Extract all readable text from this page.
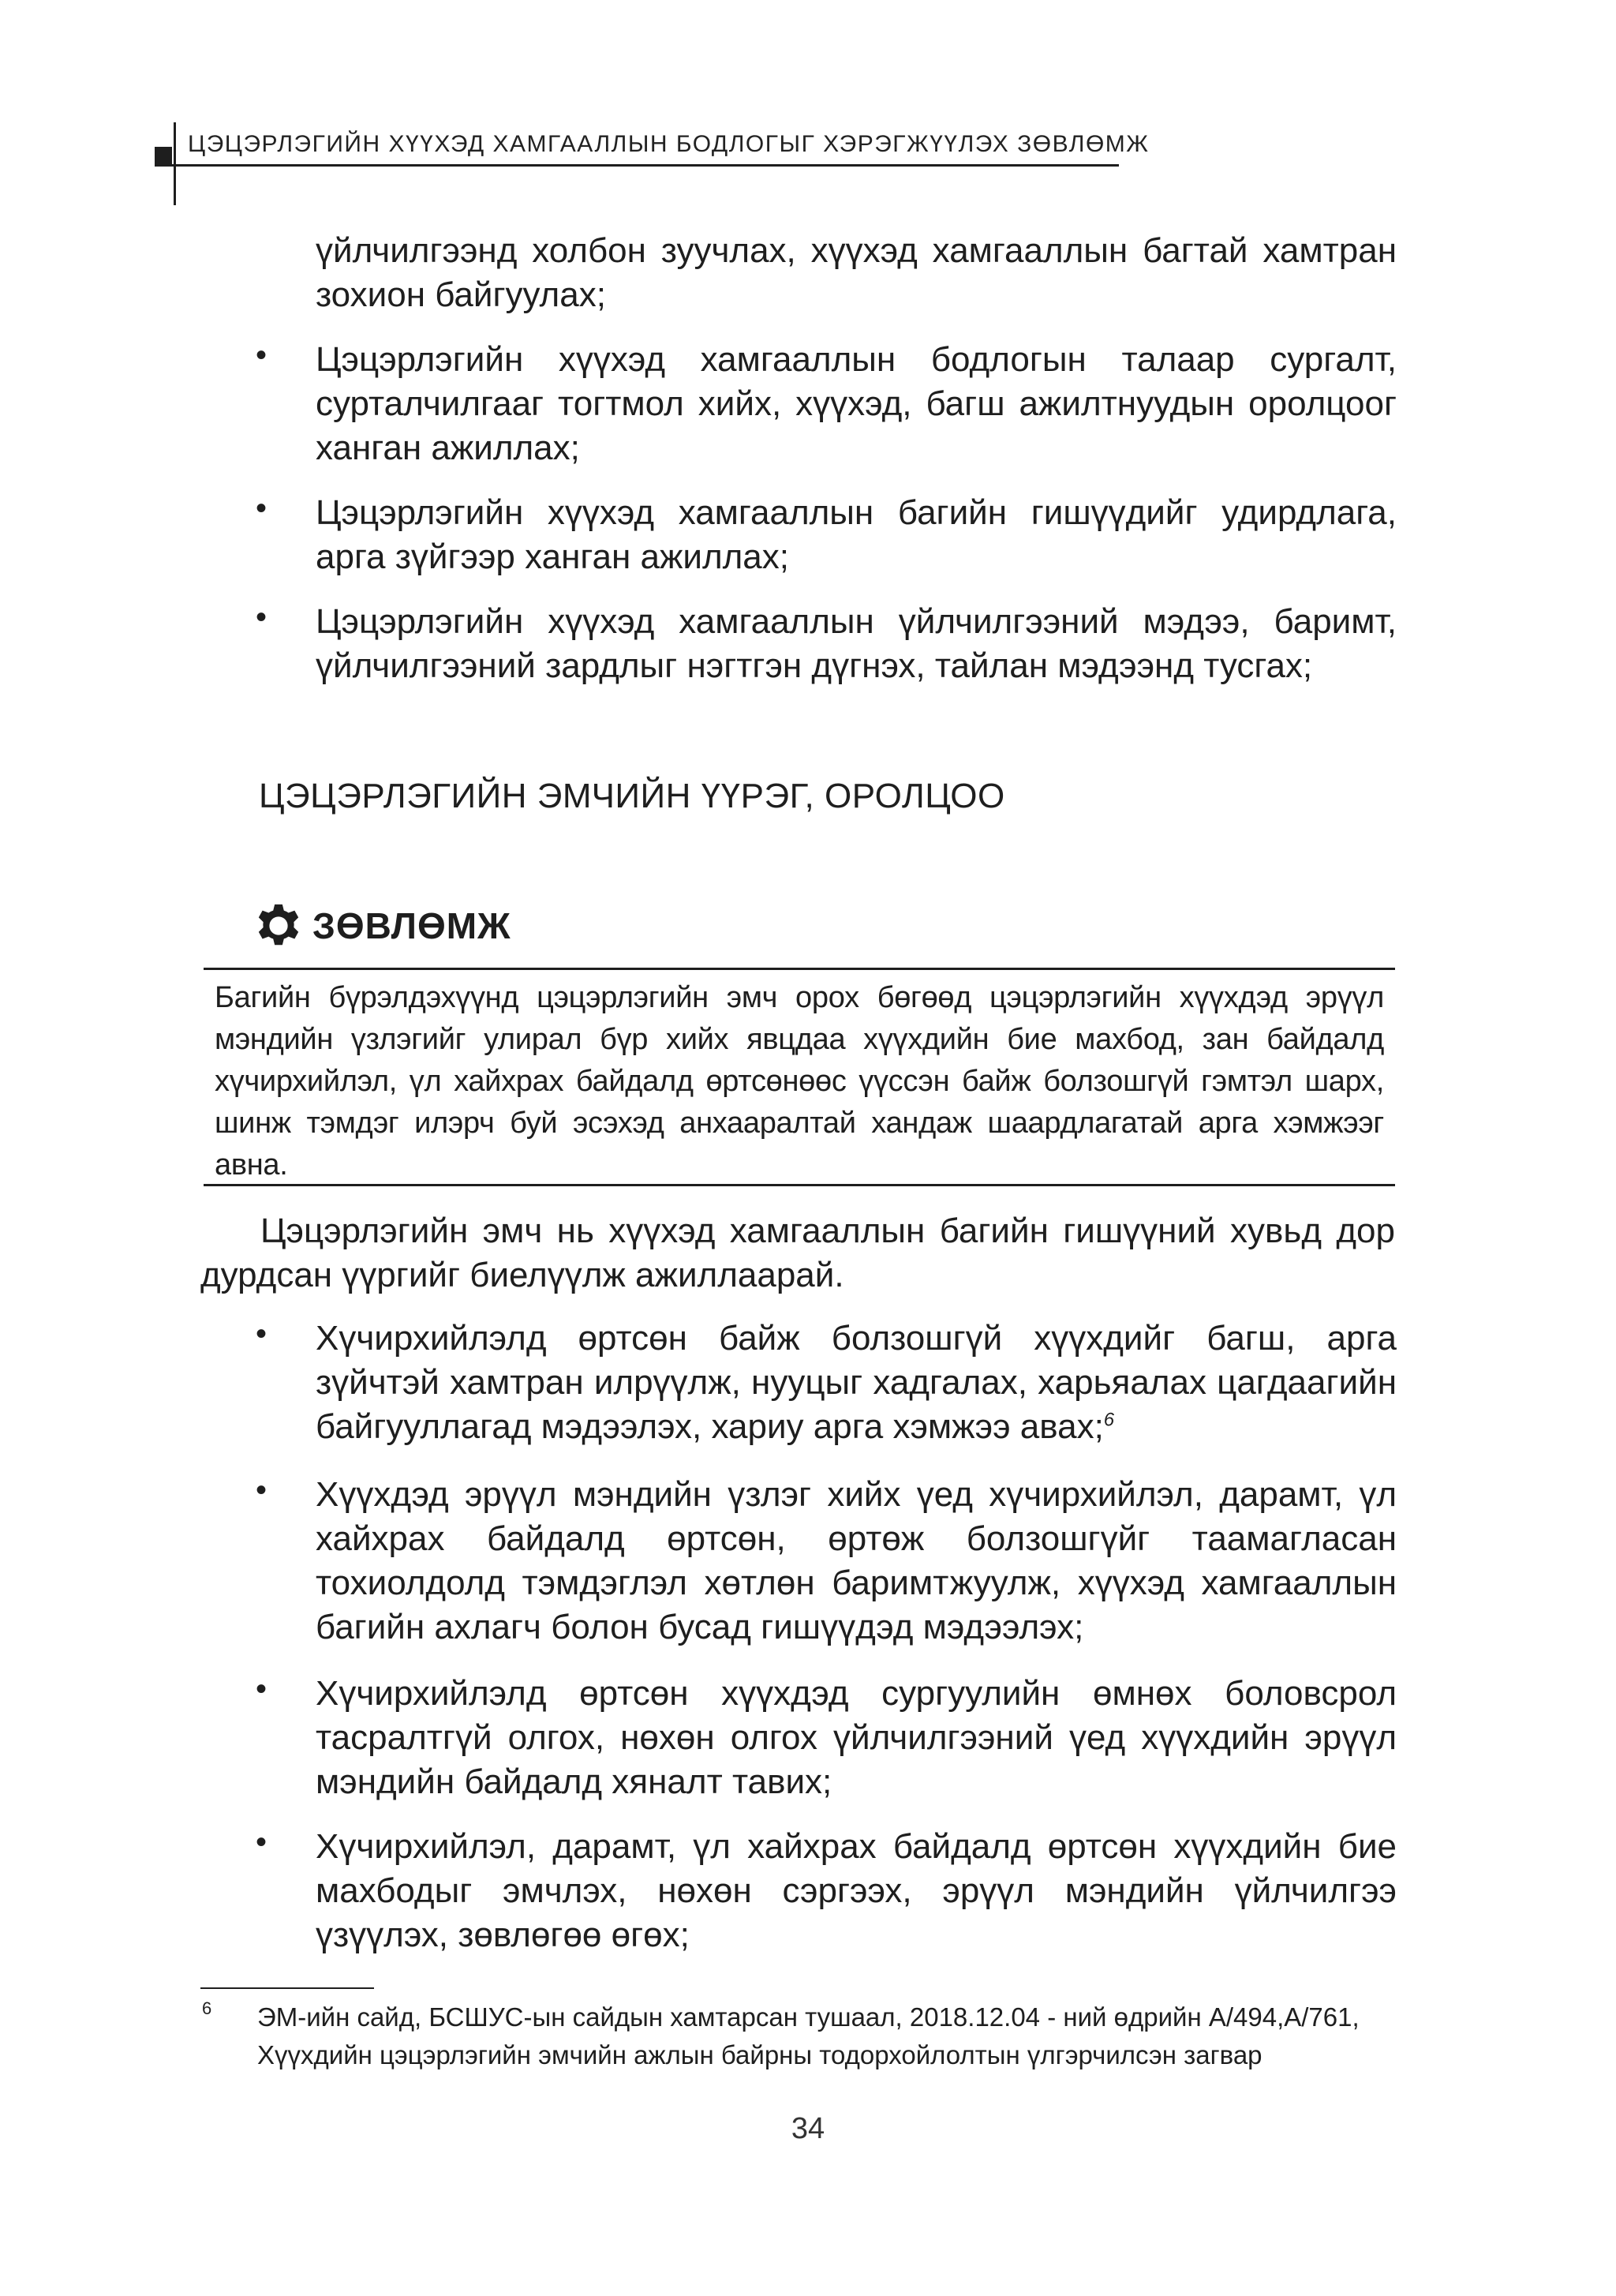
ЦЭЦЭРЛЭГИЙН ХҮҮХЭД ХАМГААЛЛЫН БОДЛОГЫГ ХЭРЭГЖҮҮЛЭХ ЗӨВЛӨМЖ
үйлчилгээнд холбон зуучлах, хүүхэд хамгааллын багтай хамтран зохион байгуулах;
• Цэцэрлэгийн хүүхэд хамгааллын бодлогын талаар сургалт, сурталчилгааг тогтмол хийх, хүүхэд, багш ажилтнуудын оролцоог ханган ажиллах;
• Цэцэрлэгийн хүүхэд хамгааллын багийн гишүүдийг удирдлага, арга зүйгээр ханган ажиллах;
• Цэцэрлэгийн хүүхэд хамгааллын үйлчилгээний мэдээ, баримт, үйлчилгээний зардлыг нэгтгэн дүгнэх, тайлан мэдээнд тусгах;
ЦЭЦЭРЛЭГИЙН ЭМЧИЙН ҮҮРЭГ, ОРОЛЦОО
ЗӨВЛӨМЖ
Багийн бүрэлдэхүүнд цэцэрлэгийн эмч орох бөгөөд цэцэрлэгийн хүүхдэд эрүүл мэндийн үзлэгийг улирал бүр хийх явцдаа хүүхдийн бие махбод, зан байдалд хүчирхийлэл, үл хайхрах байдалд өртсөнөөс үүссэн байж болзошгүй гэмтэл шарх, шинж тэмдэг илэрч буй эсэхэд анхааралтай хандаж шаардлагатай арга хэмжээг авна.
Цэцэрлэгийн эмч нь хүүхэд хамгааллын багийн гишүүний хувьд дор дурдсан үүргийг биелүүлж ажиллаарай.
• Хүчирхийлэлд өртсөн байж болзошгүй хүүхдийг багш, арга зүйчтэй хамтран илрүүлж, нууцыг хадгалах, харьяалах цагдаагийн байгууллагад мэдээлэх, хариу арга хэмжээ авах;$^6$
• Хүүхдэд эрүүл мэндийн үзлэг хийх үед хүчирхийлэл, дарамт, үл хайхрах байдалд өртсөн, өртөж болзошгүйг таамагласан тохиолдолд тэмдэглэл хөтлөн баримтжуулж, хүүхэд хамгааллын багийн ахлагч болон бусад гишүүдэд мэдээлэх;
• Хүчирхийлэлд өртсөн хүүхдэд сургуулийн өмнөх боловсрол тасралтгүй олгох, нөхөн олгох үйлчилгээний үед хүүхдийн эрүүл мэндийн байдалд хяналт тавих;
• Хүчирхийлэл, дарамт, үл хайхрах байдалд өртсөн хүүхдийн бие махбодыг эмчлэх, нөхөн сэргээх, эрүүл мэндийн үйлчилгээ үзүүлэх, зөвлөгөө өгөх;
6 ЭМ-ийн сайд, БСШУС-ын сайдын хамтарсан тушаал, 2018.12.04 - ний өдрийн А/494,А/761,
Хүүхдийн цэцэрлэгийн эмчийн ажлын байрны тодорхойлолтын үлгэрчилсэн загвар
34
